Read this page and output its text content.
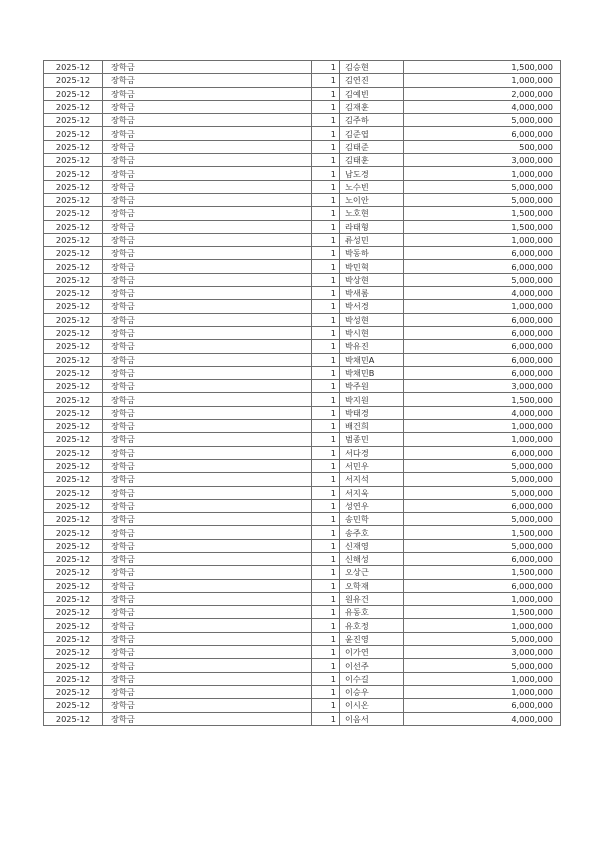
2025-12	장학금	1	김승현	1,500,000
2025-12	장학금	1	김연진	1,000,000
2025-12	장학금	1	김예빈	2,000,000
2025-12	장학금	1	김재훈	4,000,000
2025-12	장학금	1	김주하	5,000,000
2025-12	장학금	1	김준엽	6,000,000
2025-12	장학금	1	김태준	500,000
2025-12	장학금	1	김태훈	3,000,000
2025-12	장학금	1	남도경	1,000,000
2025-12	장학금	1	노수빈	5,000,000
2025-12	장학금	1	노이안	5,000,000
2025-12	장학금	1	노호현	1,500,000
2025-12	장학금	1	라태형	1,500,000
2025-12	장학금	1	류성민	1,000,000
2025-12	장학금	1	박동하	6,000,000
2025-12	장학금	1	박민혁	6,000,000
2025-12	장학금	1	박상현	5,000,000
2025-12	장학금	1	박새롬	4,000,000
2025-12	장학금	1	박서경	1,000,000
2025-12	장학금	1	박성현	6,000,000
2025-12	장학금	1	박시현	6,000,000
2025-12	장학금	1	박유진	6,000,000
2025-12	장학금	1	박채민A	6,000,000
2025-12	장학금	1	박채민B	6,000,000
2025-12	장학금	1	박주원	3,000,000
2025-12	장학금	1	박지원	1,500,000
2025-12	장학금	1	박태경	4,000,000
2025-12	장학금	1	배건희	1,000,000
2025-12	장학금	1	범종민	1,000,000
2025-12	장학금	1	서다경	6,000,000
2025-12	장학금	1	서민우	5,000,000
2025-12	장학금	1	서지석	5,000,000
2025-12	장학금	1	서지욱	5,000,000
2025-12	장학금	1	성연우	6,000,000
2025-12	장학금	1	송민학	5,000,000
2025-12	장학금	1	송주호	1,500,000
2025-12	장학금	1	신재영	5,000,000
2025-12	장학금	1	신해성	6,000,000
2025-12	장학금	1	오상근	1,500,000
2025-12	장학금	1	오학재	6,000,000
2025-12	장학금	1	원유건	1,000,000
2025-12	장학금	1	유동호	1,500,000
2025-12	장학금	1	유호정	1,000,000
2025-12	장학금	1	윤진영	5,000,000
2025-12	장학금	1	이가연	3,000,000
2025-12	장학금	1	이선주	5,000,000
2025-12	장학금	1	이수길	1,000,000
2025-12	장학금	1	이승우	1,000,000
2025-12	장학금	1	이시온	6,000,000
2025-12	장학금	1	이음서	4,000,000
